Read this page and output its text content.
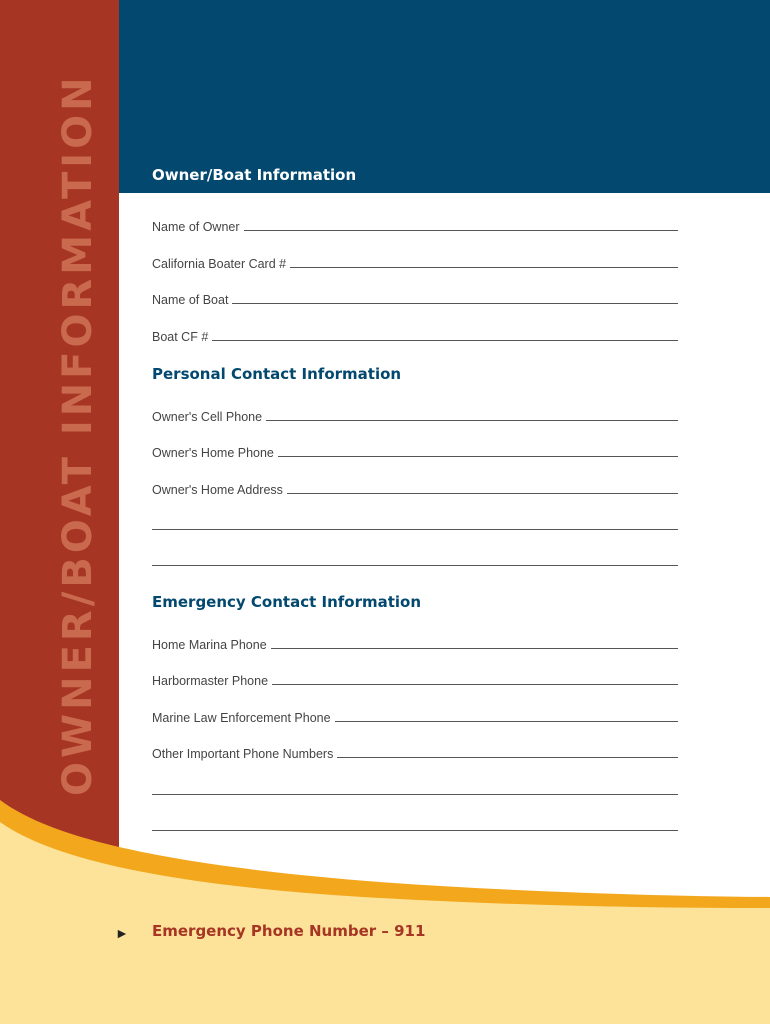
OWNER/BOAT INFORMATION	Owner/Boat Information
Name of Owner
California Boater Card #
Name of Boat
Boat CF #
Personal Contact Information
Owner's Cell Phone
Owner's Home Phone
Owner's Home Address
Emergency Contact Information
Home Marina Phone
Harbormaster Phone
Marine Law Enforcement Phone
Other Important Phone Numbers
► Emergency Phone Number – 911
